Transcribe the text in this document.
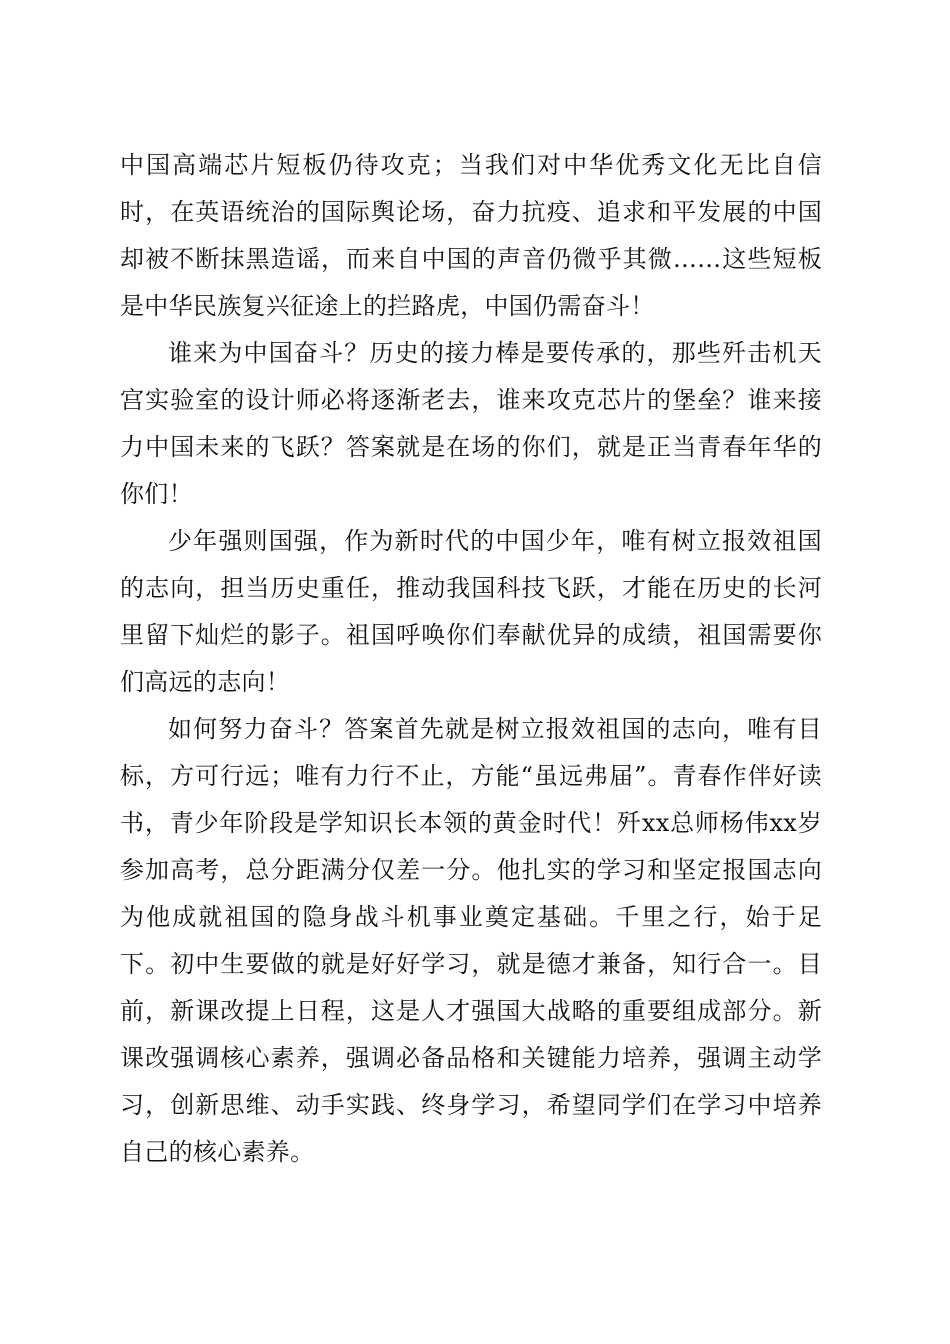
中国高端芯片短板仍待攻克；当我们对中华优秀文化无比自信时，在英语统治的国际舆论场，奋力抗疫、追求和平发展的中国却被不断抹黑造谣，而来自中国的声音仍微乎其微……这些短板是中华民族复兴征途上的拦路虎，中国仍需奋斗！

谁来为中国奋斗？历史的接力棒是要传承的，那些歼击机天宫实验室的设计师必将逐渐老去，谁来攻克芯片的堡垒？谁来接力中国未来的飞跃？答案就是在场的你们，就是正当青春年华的你们！

少年强则国强，作为新时代的中国少年，唯有树立报效祖国的志向，担当历史重任，推动我国科技飞跃，才能在历史的长河里留下灿烂的影子。祖国呼唤你们奉献优异的成绩，祖国需要你们高远的志向！

如何努力奋斗？答案首先就是树立报效祖国的志向，唯有目标，方可行远；唯有力行不止，方能“虽远弗届”。青春作伴好读书，青少年阶段是学知识长本领的黄金时代！歼xx总师杨伟xx岁参加高考，总分距满分仅差一分。他扎实的学习和坚定报国志向为他成就祖国的隐身战斗机事业奠定基础。千里之行，始于足下。初中生要做的就是好好学习，就是德才兼备，知行合一。目前，新课改提上日程，这是人才强国大战略的重要组成部分。新课改强调核心素养，强调必备品格和关键能力培养，强调主动学习，创新思维、动手实践、终身学习，希望同学们在学习中培养自己的核心素养。
